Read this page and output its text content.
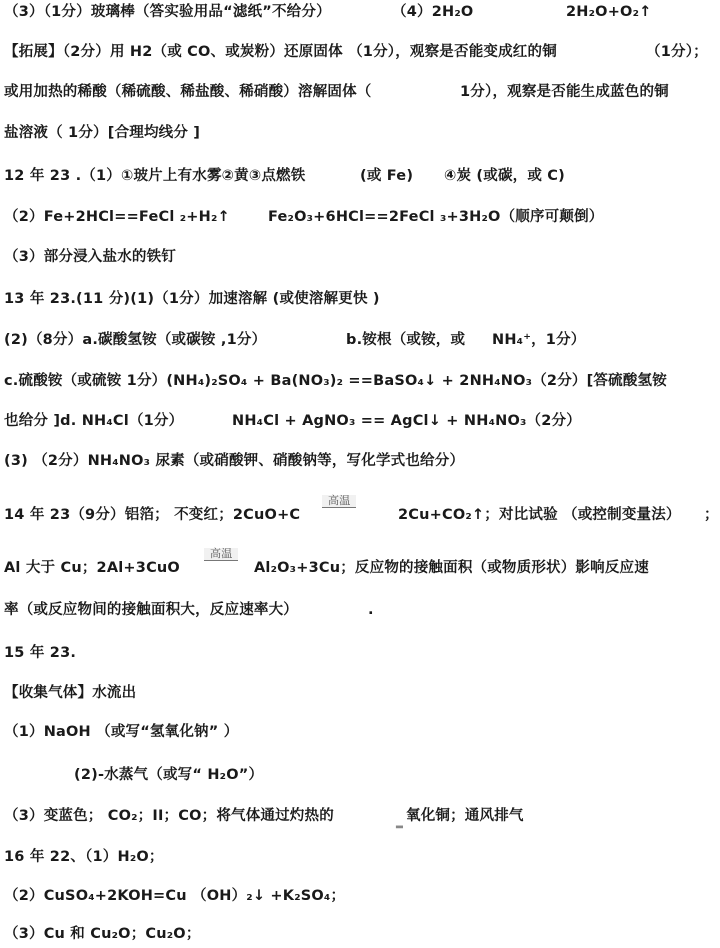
（3）（1分）玻璃棒（答实验用品“滤纸”不给分）	（4）2H₂O	2H₂O+O₂↑
【拓展】（2分）用 H2（或 CO、或炭粉）还原固体 （1分），观察是否能变成红的铜	（1分）；
或用加热的稀酸（稀硫酸、稀盐酸、稀硝酸）溶解固体（	1分），观察是否能生成蓝色的铜
盐溶液（ 1分）[合理均线分 ]
12 年 23 .（1）①玻片上有水雾②黄③点燃铁	(或 Fe) ④炭 (或碳，或 C)
（2）Fe+2HCl==FeCl ₂+H₂↑	Fe₂O₃+6HCl==2FeCl ₃+3H₂O（顺序可颠倒）
（3）部分浸入盐水的铁钉
13 年 23.(11 分)(1)（1分）加速溶解 (或使溶解更快 )
(2)（8分）a.碳酸氢铵（或碳铵 ,1分）	b.铵根（或铵，或 NH₄⁺，1分）
c.硫酸铵（或硫铵 1分）(NH₄)₂SO₄ + Ba(NO₃)₂ ==BaSO₄↓ + 2NH₄NO₃（2分）[答硫酸氢铵
也给分 ]d. NH₄Cl（1分）	NH₄Cl + AgNO₃ == AgCl↓ + NH₄NO₃（2分）
(3) （2分）NH₄NO₃ 尿素（或硝酸钾、硝酸钠等，写化学式也给分）
14 年 23（9分）铝箔； 不变红；2CuO+C
高温
2Cu+CO₂↑；对比试验 （或控制变量法） ；
Al 大于 Cu；2Al+3CuO
高温
Al₂O₃+3Cu；反应物的接触面积（或物质形状）影响反应速
率（或反应物间的接触面积大，反应速率大）	.
15 年 23.
【收集气体】水流出
（1）NaOH （或写“氢氧化钠” ）
(2)-水蒸气（或写“ H₂O”）
（3）变蓝色； CO₂；II；CO；将气体通过灼热的	▂ 氧化铜；通风排气
16 年 22、（1）H₂O；
（2）CuSO₄+2KOH=Cu （OH）₂↓ +K₂SO₄；
（3）Cu 和 Cu₂O；Cu₂O；
